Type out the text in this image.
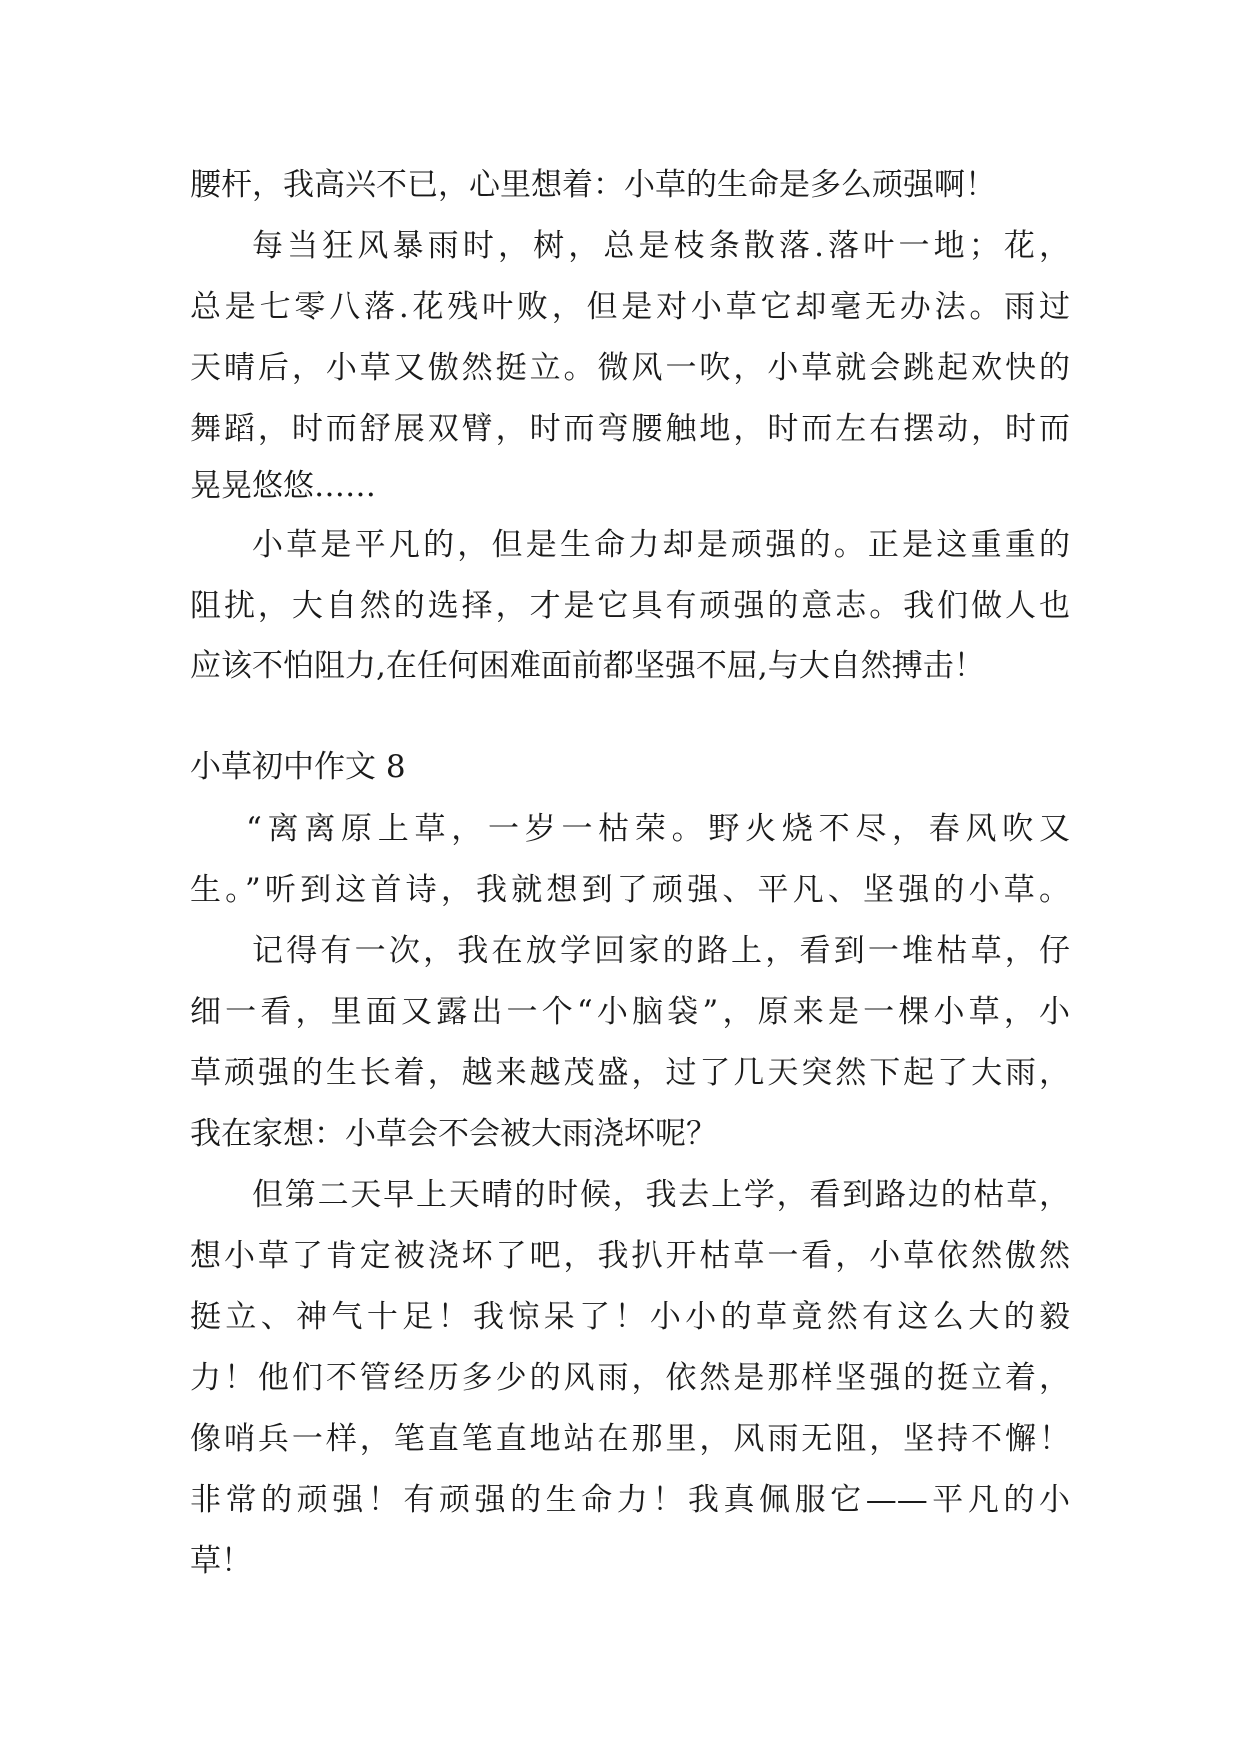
腰杆，我高兴不已，心里想着：小草的生命是多么顽强啊！
每当狂风暴雨时，树，总是枝条散落.落叶一地；花，
总是七零八落.花残叶败，但是对小草它却毫无办法。雨过
天晴后，小草又傲然挺立。微风一吹，小草就会跳起欢快的
舞蹈，时而舒展双臂，时而弯腰触地，时而左右摆动，时而
晃晃悠悠……
小草是平凡的，但是生命力却是顽强的。正是这重重的
阻扰，大自然的选择，才是它具有顽强的意志。我们做人也
应该不怕阻力,在任何困难面前都坚强不屈,与大自然搏击！
小草初中作文 8
“离离原上草，一岁一枯荣。野火烧不尽，春风吹又
生。”听到这首诗，我就想到了顽强、平凡、坚强的小草。
记得有一次，我在放学回家的路上，看到一堆枯草，仔
细一看，里面又露出一个“小脑袋”，原来是一棵小草，小
草顽强的生长着，越来越茂盛，过了几天突然下起了大雨，
我在家想：小草会不会被大雨浇坏呢？
但第二天早上天晴的时候，我去上学，看到路边的枯草，
想小草了肯定被浇坏了吧，我扒开枯草一看，小草依然傲然
挺立、神气十足！我惊呆了！小小的草竟然有这么大的毅
力！他们不管经历多少的风雨，依然是那样坚强的挺立着，
像哨兵一样，笔直笔直地站在那里，风雨无阻，坚持不懈！
非常的顽强！有顽强的生命力！我真佩服它——平凡的小
草！
